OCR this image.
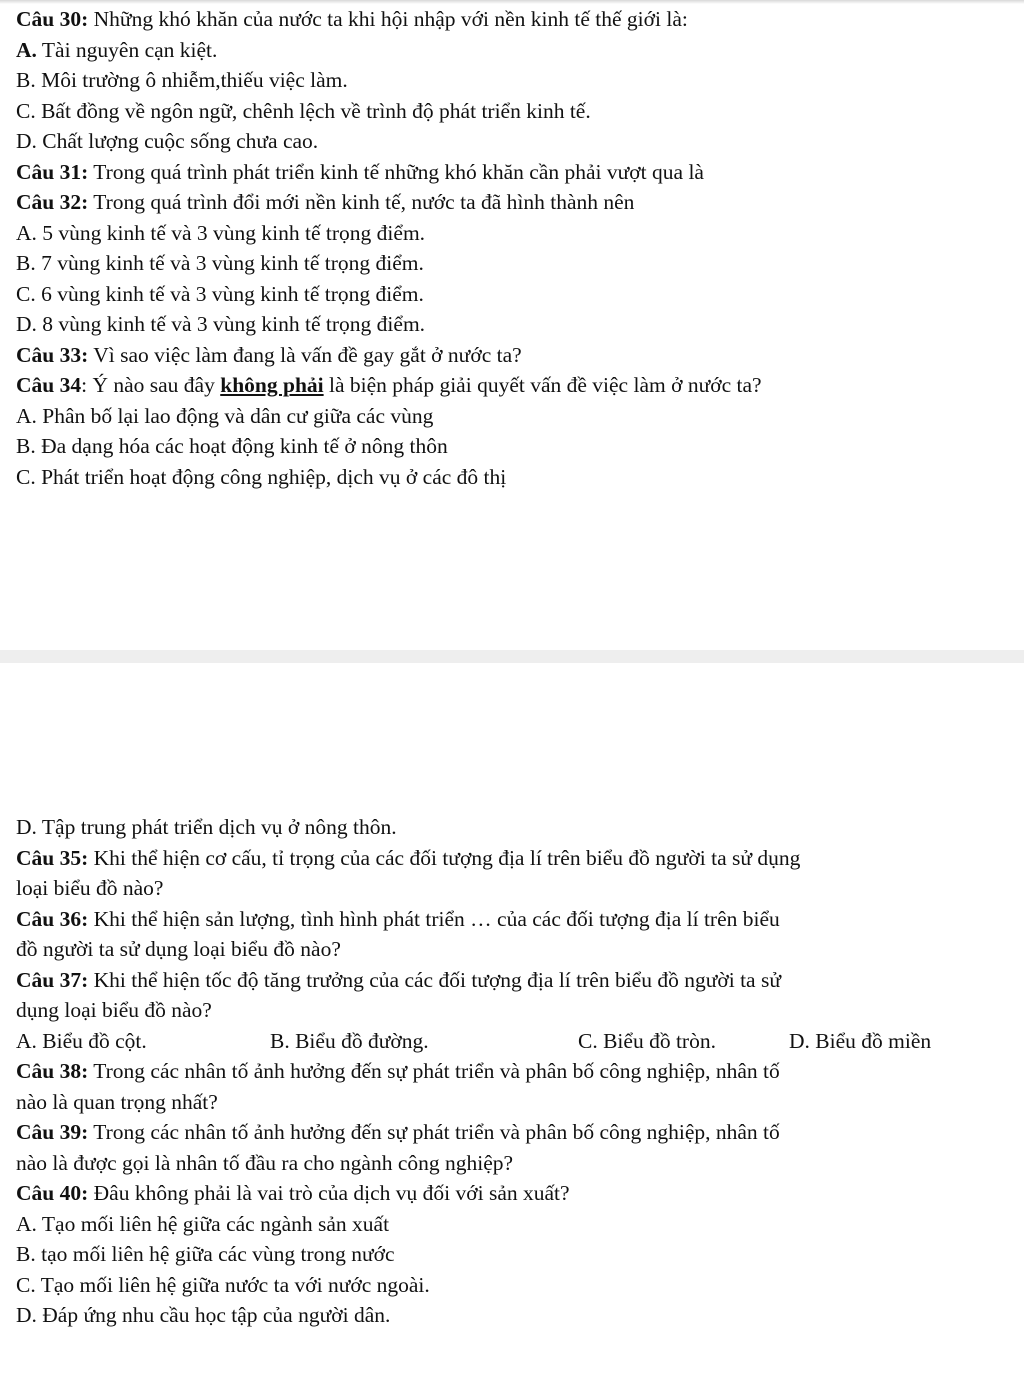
Câu 30: Những khó khăn của nước ta khi hội nhập với nền kinh tế thế giới là:
A. Tài nguyên cạn kiệt.
B. Môi trường ô nhiễm,thiếu việc làm.
C. Bất đồng về ngôn ngữ, chênh lệch về trình độ phát triển kinh tế.
D. Chất lượng cuộc sống chưa cao.
Câu 31: Trong quá trình phát triển kinh tế những khó khăn cần phải vượt qua là
Câu 32: Trong quá trình đổi mới nền kinh tế, nước ta đã hình thành nên
A. 5 vùng kinh tế và 3 vùng kinh tế trọng điểm.
B. 7 vùng kinh tế và 3 vùng kinh tế trọng điểm.
C. 6 vùng kinh tế và 3 vùng kinh tế trọng điểm.
D. 8 vùng kinh tế và 3 vùng kinh tế trọng điểm.
Câu 33: Vì sao việc làm đang là vấn đề gay gắt ở nước ta?
Câu 34: Ý nào sau đây không phải là biện pháp giải quyết vấn đề việc làm ở nước ta?
A. Phân bố lại lao động và dân cư giữa các vùng
B. Đa dạng hóa các hoạt động kinh tế ở nông thôn
C. Phát triển hoạt động công nghiệp, dịch vụ ở các đô thị
D. Tập trung phát triển dịch vụ ở nông thôn.
Câu 35: Khi thể hiện cơ cấu, tỉ trọng của các đối tượng địa lí trên biểu đồ người ta sử dụng
loại biểu đồ nào?
Câu 36: Khi thể hiện sản lượng, tình hình phát triển … của các đối tượng địa lí trên biểu
đồ người ta sử dụng loại biểu đồ nào?
Câu 37: Khi thể hiện tốc độ tăng trưởng của các đối tượng địa lí trên biểu đồ người ta sử
dụng loại biểu đồ nào?
A. Biểu đồ cột.	B. Biểu đồ đường.	C. Biểu đồ tròn.	D. Biểu đồ miền
Câu 38: Trong các nhân tố ảnh hưởng đến sự phát triển và phân bố công nghiệp, nhân tố
nào là quan trọng nhất?
Câu 39: Trong các nhân tố ảnh hưởng đến sự phát triển và phân bố công nghiệp, nhân tố
nào là được gọi là nhân tố đầu ra cho ngành công nghiệp?
Câu 40: Đâu không phải là vai trò của dịch vụ đối với sản xuất?
A. Tạo mối liên hệ giữa các ngành sản xuất
B. tạo mối liên hệ giữa các vùng trong nước
C. Tạo mối liên hệ giữa nước ta với nước ngoài.
D. Đáp ứng nhu cầu học tập của người dân.
